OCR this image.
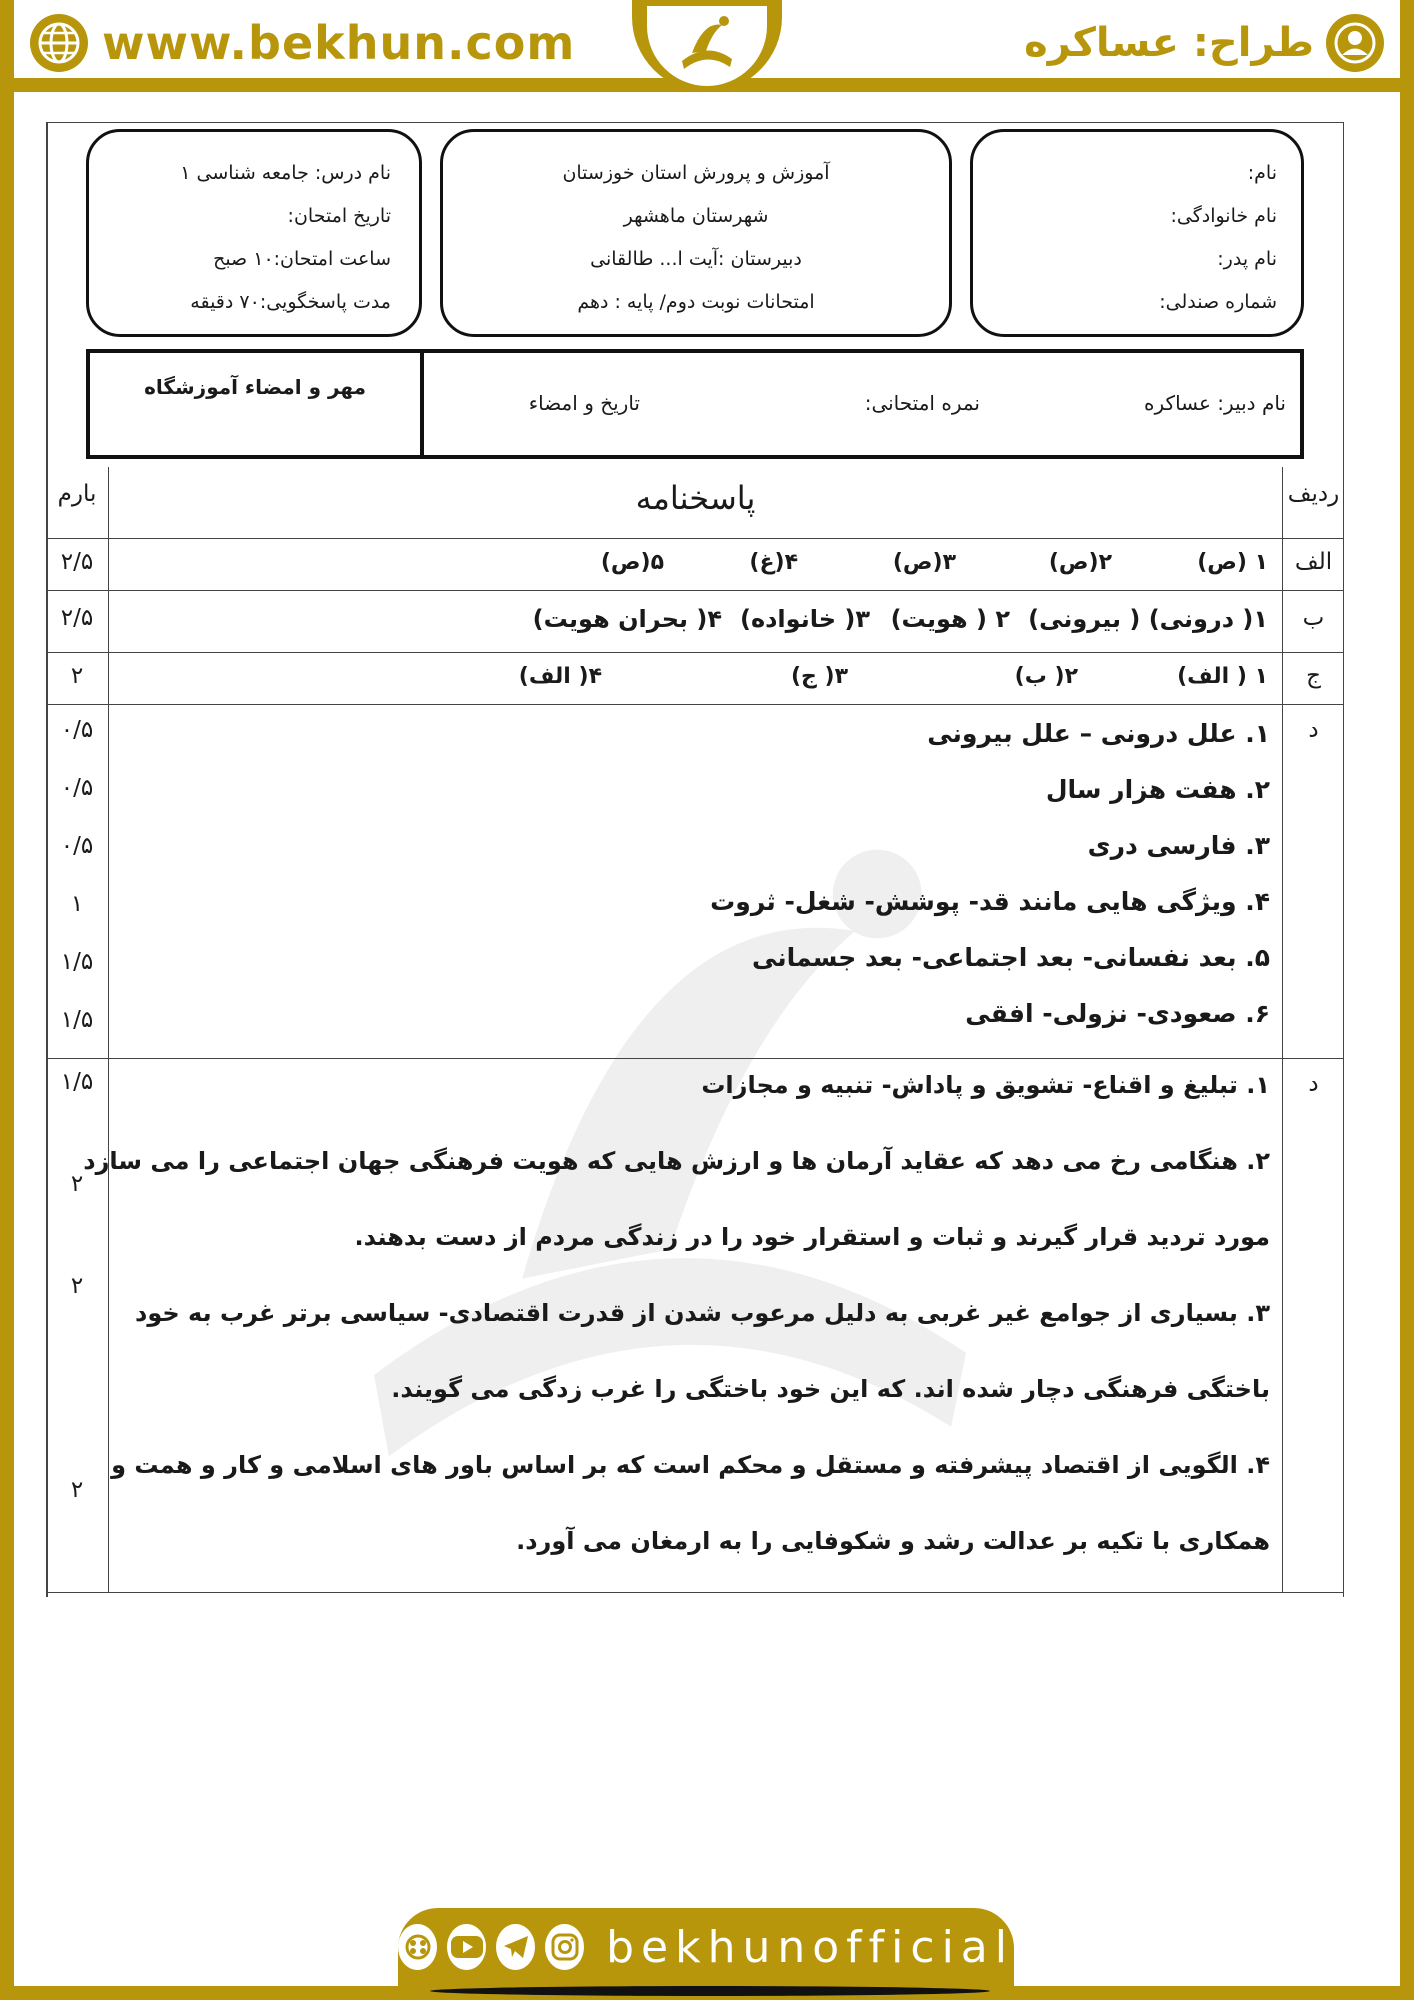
www.bekhun.com	طراح: عساکره
نام:
نام خانوادگی:
نام پدر:
شماره صندلی:
آموزش و پرورش استان خوزستان
شهرستان ماهشهر
دبیرستان :آیت ا... طالقانی
امتحانات نوبت دوم/ پایه : دهم
نام درس: جامعه شناسی ۱
تاریخ امتحان:
ساعت امتحان:۱۰ صبح
مدت پاسخگویی:۷۰ دقیقه
نام دبیر: عساکره
نمره امتحانی:
تاریخ و امضاء
مهر و امضاء آموزشگاه
ردیف
پاسخنامه
بارم
الف
۱ (ص)
۲(ص)
۳(ص)
۴(غ)
۵(ص)
۲/۵
ب
۱( درونی) ( بیرونی)
۲ ( هویت)
۳( خانواده)
۴( بحران هویت)
۲/۵
ج
۱ ( الف)
۲( ب)
۳( ج)
۴( الف)
۲
د
۱. علل درونی – علل بیرونی
۲. هفت هزار سال
۳. فارسی دری
۴. ویژگی هایی مانند قد- پوشش- شغل- ثروت
۵. بعد نفسانی- بعد اجتماعی- بعد جسمانی
۶. صعودی- نزولی- افقی
۰/۵
۰/۵
۰/۵
۱
۱/۵
۱/۵
د
۱. تبلیغ و اقناع- تشویق و پاداش- تنبیه و مجازات
۲. هنگامی رخ می دهد که عقاید آرمان ها و ارزش هایی که هویت فرهنگی جهان اجتماعی را می سازد
مورد تردید قرار گیرند و ثبات و استقرار خود را در زندگی مردم از دست بدهند.
۳. بسیاری از جوامع غیر غربی به دلیل مرعوب شدن از قدرت اقتصادی- سیاسی برتر غرب به خود
باختگی فرهنگی دچار شده اند. که این خود باختگی را غرب زدگی می گویند.
۴. الگویی از اقتصاد پیشرفته و مستقل و محکم است که بر اساس باور های اسلامی و کار و همت و
همکاری با تکیه بر عدالت رشد و شکوفایی را به ارمغان می آورد.
۱/۵
۲
۲
۲
bekhunofficial
